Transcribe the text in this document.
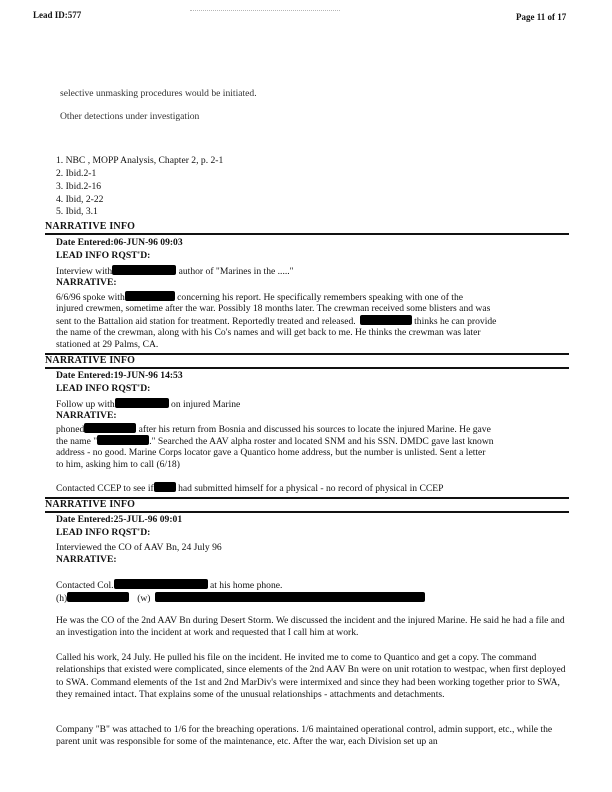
Lead ID:577	Page 11 of 17
selective unmasking procedures would be initiated.
Other detections under investigation
1. NBC , MOPP Analysis, Chapter 2, p. 2-1
2. Ibid.2-1
3. Ibid.2-16
4. Ibid, 2-22
5. Ibid, 3.1
NARRATIVE INFO
Date Entered:06-JUN-96 09:03
LEAD INFO RQST'D:
Interview with	author of "Marines in the ....."
NARRATIVE:
6/6/96 spoke with	concerning his report. He specifically remembers speaking with one of the
injured crewmen, sometime after the war. Possibly 18 months later. The crewman received some blisters and was
sent to the Battalion aid station for treatment. Reportedly treated and released.	thinks he can provide
the name of the crewman, along with his Co's names and will get back to me. He thinks the crewman was later
stationed at 29 Palms, CA.
NARRATIVE INFO
Date Entered:19-JUN-96 14:53
LEAD INFO RQST'D:
Follow up with	on injured Marine
NARRATIVE:
phoned	after his return from Bosnia and discussed his sources to locate the injured Marine. He gave
the name "	." Searched the AAV alpha roster and located SNM and his SSN. DMDC gave last known
address - no good. Marine Corps locator gave a Quantico home address, but the number is unlisted. Sent a letter
to him, asking him to call (6/18)
Contacted CCEP to see if had submitted himself for a physical - no record of physical in CCEP
NARRATIVE INFO
Date Entered:25-JUL-96 09:01
LEAD INFO RQST'D:
Interviewed the CO of AAV Bn, 24 July 96
NARRATIVE:
Contacted Col.	at his home phone.
(h)	(w)
He was the CO of the 2nd AAV Bn during Desert Storm. We discussed the incident and the injured Marine. He said he had a file and an investigation into the incident at work and requested that I call him at work.
Called his work, 24 July. He pulled his file on the incident. He invited me to come to Quantico and get a copy. The command relationships that existed were complicated, since elements of the 2nd AAV Bn were on unit rotation to westpac, when first deployed to SWA. Command elements of the 1st and 2nd MarDiv's were intermixed and since they had been working together prior to SWA, they remained intact. That explains some of the unusual relationships - attachments and detachments.
Company "B" was attached to 1/6 for the breaching operations. 1/6 maintained operational control, admin support, etc., while the parent unit was responsible for some of the maintenance, etc. After the war, each Division set up an
